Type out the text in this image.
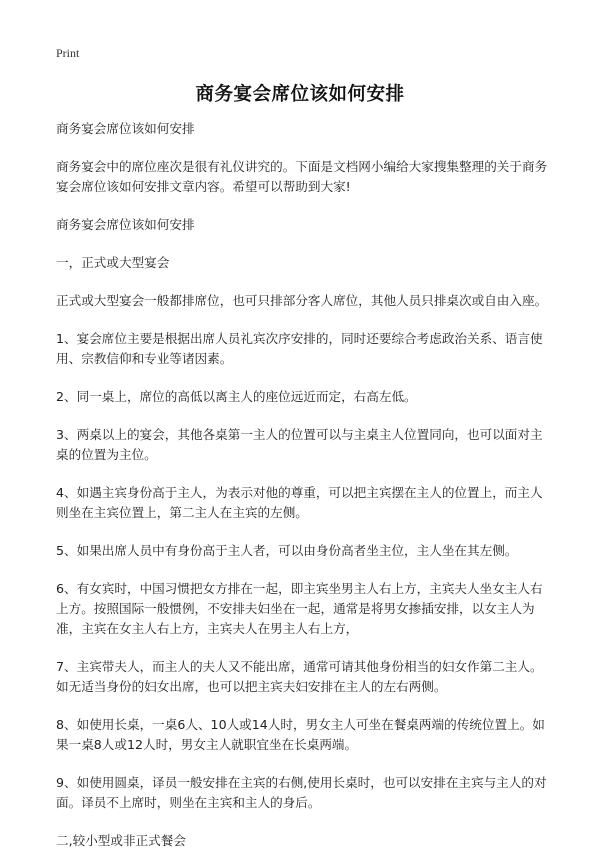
Print
商务宴会席位该如何安排

商务宴会席位该如何安排

商务宴会中的席位座次是很有礼仪讲究的。下面是文档网小编给大家搜集整理的关于商务宴会席位该如何安排文章内容。希望可以帮助到大家!

商务宴会席位该如何安排

一，正式或大型宴会

正式或大型宴会一般都排席位，也可只排部分客人席位，其他人员只排桌次或自由入座。

1、宴会席位主要是根据出席人员礼宾次序安排的，同时还要综合考虑政治关系、语言使用、宗教信仰和专业等诸因素。

2、同一桌上，席位的高低以离主人的座位远近而定，右高左低。

3、两桌以上的宴会，其他各桌第一主人的位置可以与主桌主人位置同向，也可以面对主桌的位置为主位。

4、如遇主宾身份高于主人，为表示对他的尊重，可以把主宾摆在主人的位置上，而主人则坐在主宾位置上，第二主人在主宾的左侧。

5、如果出席人员中有身份高于主人者，可以由身份高者坐主位，主人坐在其左侧。

6、有女宾时，中国习惯把女方排在一起，即主宾坐男主人右上方，主宾夫人坐女主人右上方。按照国际一般惯例，不安排夫妇坐在一起，通常是将男女掺插安排，以女主人为准，主宾在女主人右上方，主宾夫人在男主人右上方，

7、主宾带夫人，而主人的夫人又不能出席，通常可请其他身份相当的妇女作第二主人。如无适当身份的妇女出席，也可以把主宾夫妇安排在主人的左右两侧。

8、如使用长桌，一桌6人、10人或14人时，男女主人可坐在餐桌两端的传统位置上。如果一桌8人或12人时，男女主人就职宜坐在长桌两端。

9、如使用圆桌，译员一般安排在主宾的右侧,使用长桌时，也可以安排在主宾与主人的对面。译员不上席时，则坐在主宾和主人的身后。

二,较小型或非正式餐会
